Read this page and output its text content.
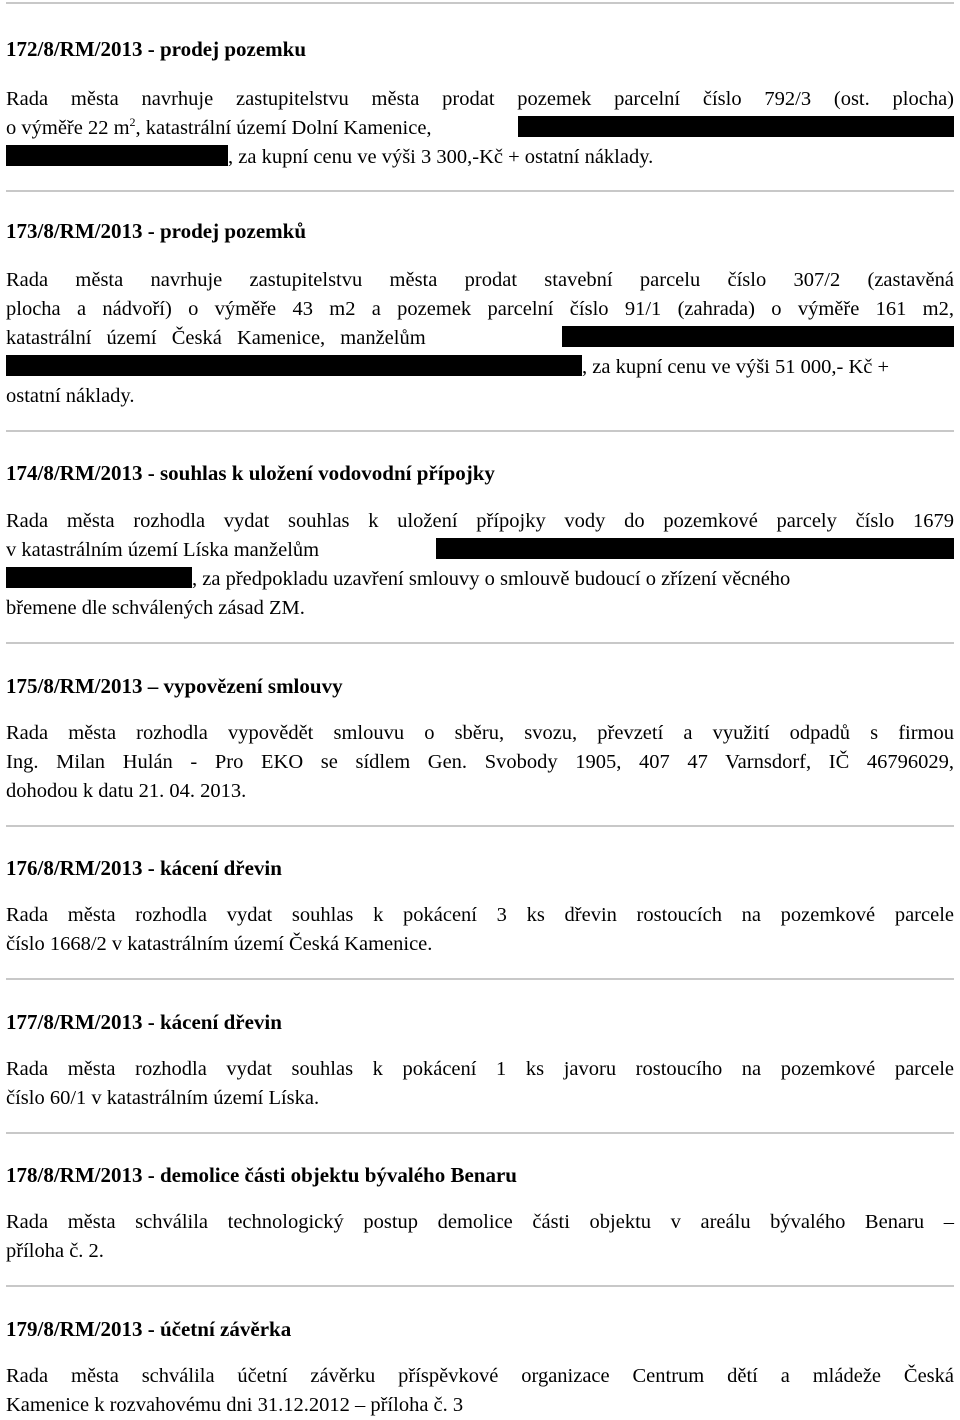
172/8/RM/2013 - prodej pozemku
Rada města navrhuje zastupitelstvu města prodat pozemek parcelní číslo 792/3 (ost. plocha)
o výměře 22 $m^2$, katastrální území Dolní Kamenice,
, za kupní cenu ve výši 3 300,-Kč + ostatní náklady.
173/8/RM/2013 - prodej pozemků
Rada města navrhuje zastupitelstvu města prodat stavební parcelu číslo 307/2 (zastavěná
plocha a nádvoří) o výměře 43 m2 a pozemek parcelní číslo 91/1 (zahrada) o výměře 161 m2,
katastrální území Česká Kamenice, manželům
, za kupní cenu ve výši 51 000,- Kč +
ostatní náklady.
174/8/RM/2013 - souhlas k uložení vodovodní přípojky
Rada města rozhodla vydat souhlas k uložení přípojky vody do pozemkové parcely číslo 1679
v katastrálním území Líska manželům
, za předpokladu uzavření smlouvy o smlouvě budoucí o zřízení věcného
břemene dle schválených zásad ZM.
175/8/RM/2013 – vypovězení smlouvy
Rada města rozhodla vypovědět smlouvu o sběru, svozu, převzetí a využití odpadů s firmou
Ing. Milan Hulán - Pro EKO se sídlem Gen. Svobody 1905, 407 47 Varnsdorf, IČ 46796029,
dohodou k datu 21. 04. 2013.
176/8/RM/2013 - kácení dřevin
Rada města rozhodla vydat souhlas k pokácení 3 ks dřevin rostoucích na pozemkové parcele
číslo 1668/2 v katastrálním území Česká Kamenice.
177/8/RM/2013 - kácení dřevin
Rada města rozhodla vydat souhlas k pokácení 1 ks javoru rostoucího na pozemkové parcele
číslo 60/1 v katastrálním území Líska.
178/8/RM/2013 - demolice části objektu bývalého Benaru
Rada města schválila technologický postup demolice části objektu v areálu bývalého Benaru –
příloha č. 2.
179/8/RM/2013 - účetní závěrka
Rada města schválila účetní závěrku příspěvkové organizace Centrum dětí a mládeže Česká
Kamenice k rozvahovému dni 31.12.2012 – příloha č. 3
